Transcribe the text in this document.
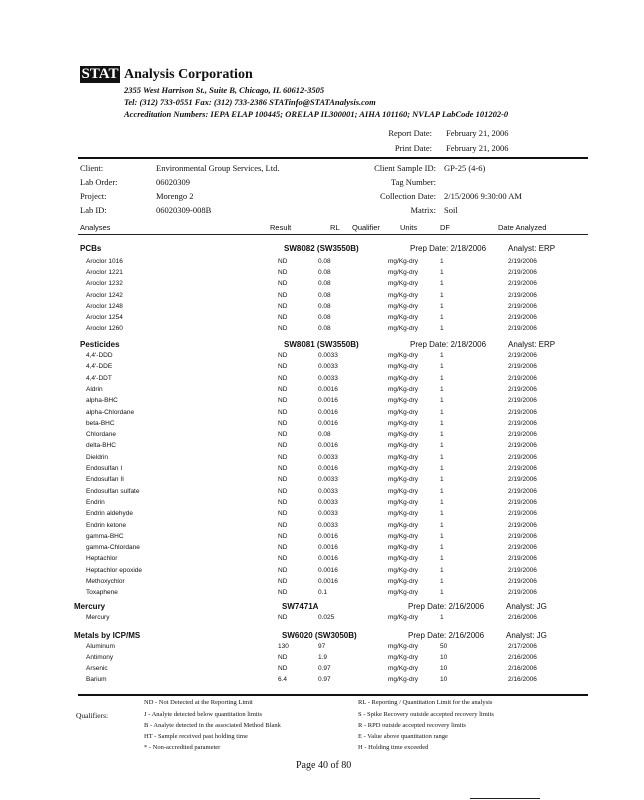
STAT Analysis Corporation
2355 West Harrison St., Suite B, Chicago, IL 60612-3505
Tel: (312) 733-0551 Fax: (312) 733-2386 STATinfo@STATAnalysis.com
Accreditation Numbers: IEPA ELAP 100445; ORELAP IL300001; AIHA 101160; NVLAP LabCode 101202-0
Report Date: February 21, 2006
Print Date: February 21, 2006
Client:	Environmental Group Services, Ltd.
Lab Order:	06020309
Project:	Morengo 2
Lab ID:	06020309-008B
Client Sample ID: GP-25 (4-6)
Tag Number:
Collection Date: 2/15/2006 9:30:00 AM
Matrix: Soil
Analyses	Result	RL Qualifier	Units	DF	Date Analyzed
PCBs	SW8082 (SW3550B)	Prep Date: 2/18/2006	Analyst: ERP
Aroclor 1016	ND	0.08	mg/Kg-dry	1	2/19/2006
Aroclor 1221	ND	0.08	mg/Kg-dry	1	2/19/2006
Aroclor 1232	ND	0.08	mg/Kg-dry	1	2/19/2006
Aroclor 1242	ND	0.08	mg/Kg-dry	1	2/19/2006
Aroclor 1248	ND	0.08	mg/Kg-dry	1	2/19/2006
Aroclor 1254	ND	0.08	mg/Kg-dry	1	2/19/2006
Aroclor 1260	ND	0.08	mg/Kg-dry	1	2/19/2006
Pesticides	SW8081 (SW3550B)	Prep Date: 2/18/2006	Analyst: ERP
4,4'-DDD	ND	0.0033	mg/Kg-dry	1	2/19/2006
4,4'-DDE	ND	0.0033	mg/Kg-dry	1	2/19/2006
4,4'-DDT	ND	0.0033	mg/Kg-dry	1	2/19/2006
Aldrin	ND	0.0016	mg/Kg-dry	1	2/19/2006
alpha-BHC	ND	0.0016	mg/Kg-dry	1	2/19/2006
alpha-Chlordane	ND	0.0016	mg/Kg-dry	1	2/19/2006
beta-BHC	ND	0.0016	mg/Kg-dry	1	2/19/2006
Chlordane	ND	0.08	mg/Kg-dry	1	2/19/2006
delta-BHC	ND	0.0016	mg/Kg-dry	1	2/19/2006
Dieldrin	ND	0.0033	mg/Kg-dry	1	2/19/2006
Endosulfan I	ND	0.0016	mg/Kg-dry	1	2/19/2006
Endosulfan II	ND	0.0033	mg/Kg-dry	1	2/19/2006
Endosulfan sulfate	ND	0.0033	mg/Kg-dry	1	2/19/2006
Endrin	ND	0.0033	mg/Kg-dry	1	2/19/2006
Endrin aldehyde	ND	0.0033	mg/Kg-dry	1	2/19/2006
Endrin ketone	ND	0.0033	mg/Kg-dry	1	2/19/2006
gamma-BHC	ND	0.0016	mg/Kg-dry	1	2/19/2006
gamma-Chlordane	ND	0.0016	mg/Kg-dry	1	2/19/2006
Heptachlor	ND	0.0016	mg/Kg-dry	1	2/19/2006
Heptachlor epoxide	ND	0.0016	mg/Kg-dry	1	2/19/2006
Methoxychlor	ND	0.0016	mg/Kg-dry	1	2/19/2006
Toxaphene	ND	0.1	mg/Kg-dry	1	2/19/2006
Mercury	SW7471A	Prep Date: 2/16/2006	Analyst: JG
Mercury	ND	0.025	mg/Kg-dry	1	2/16/2006
Metals by ICP/MS	SW6020 (SW3050B)	Prep Date: 2/16/2006	Analyst: JG
Aluminum	130	97	mg/Kg-dry	50	2/17/2006
Antimony	ND	1.9	mg/Kg-dry	10	2/16/2006
Arsenic	ND	0.97	mg/Kg-dry	10	2/16/2006
Barium	6.4	0.97	mg/Kg-dry	10	2/16/2006
Qualifiers:
ND - Not Detected at the Reporting Limit
J - Analyte detected below quantitation limits
B - Analyte detected in the associated Method Blank
HT - Sample received past holding time
* - Non-accredited parameter
RL - Reporting / Quantitation Limit for the analysis
S - Spike Recovery outside accepted recovery limits
R - RPD outside accepted recovery limits
E - Value above quantitation range
H - Holding time exceeded
Page 40 of 80
